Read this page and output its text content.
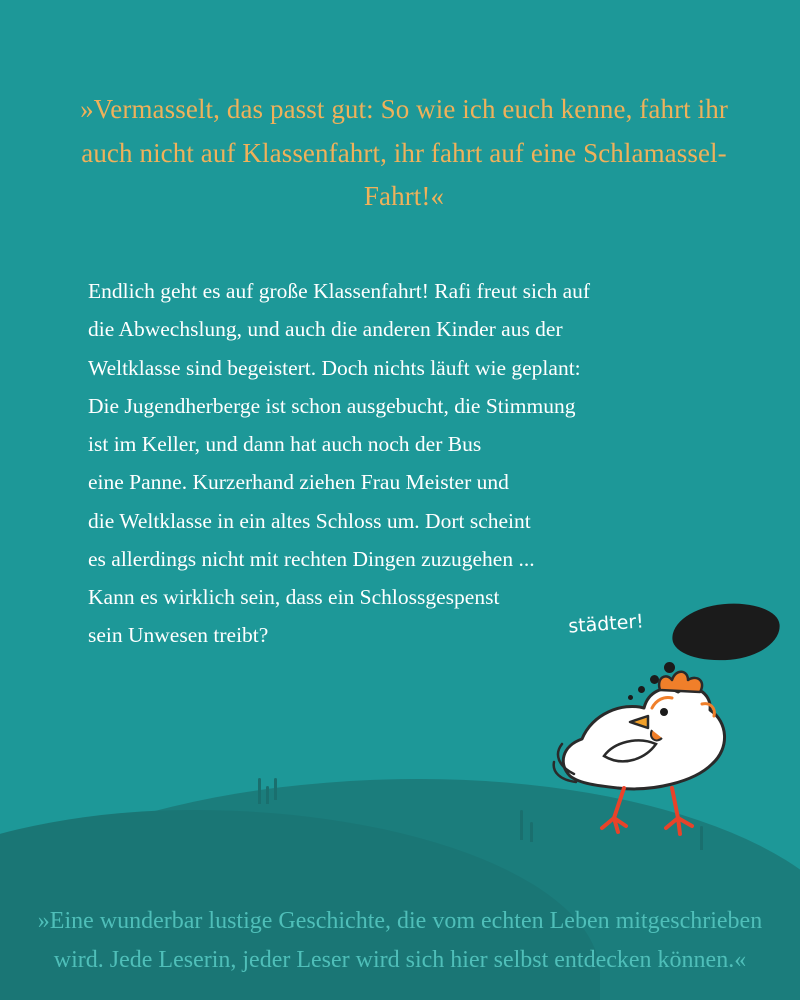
»Vermasselt, das passt gut: So wie ich euch kenne, fahrt ihr auch nicht auf Klassenfahrt, ihr fahrt auf eine Schlamassel-Fahrt!«

Endlich geht es auf große Klassenfahrt! Rafi freut sich auf

die Abwechslung, und auch die anderen Kinder aus der

Weltklasse sind begeistert. Doch nichts läuft wie geplant:

Die Jugendherberge ist schon ausgebucht, die Stimmung

ist im Keller, und dann hat auch noch der Bus

eine Panne. Kurzerhand ziehen Frau Meister und

die Weltklasse in ein altes Schloss um. Dort scheint

es allerdings nicht mit rechten Dingen zuzugehen ...

Kann es wirklich sein, dass ein Schlossgespenst

sein Unwesen treibt?	städter!
»Eine wunderbar lustige Geschichte, die vom echten Leben mitgeschrieben wird. Jede Leserin, jeder Leser wird sich hier selbst entdecken können.«
